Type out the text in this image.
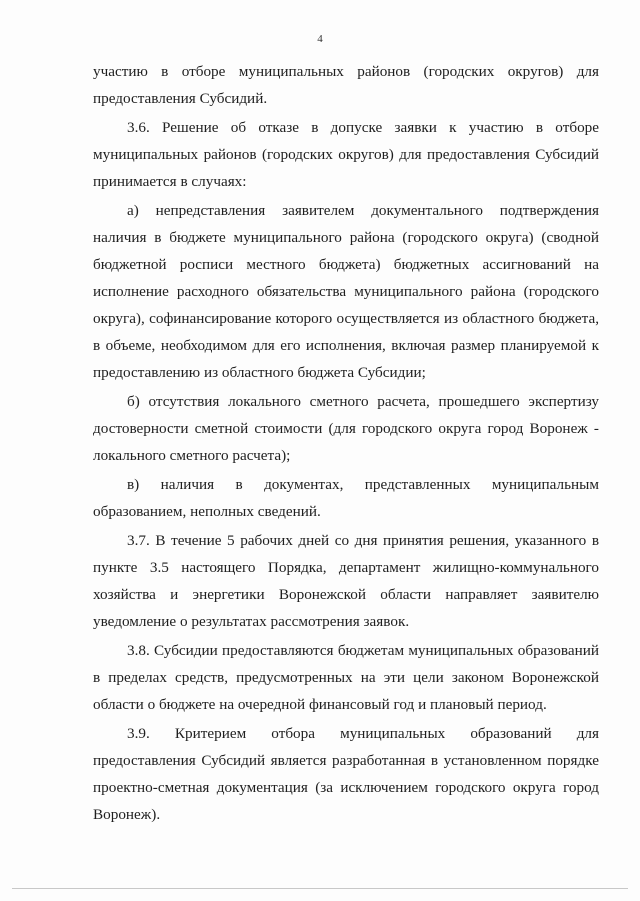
4

участию в отборе муниципальных районов (городских округов) для предоставления Субсидий.

3.6. Решение об отказе в допуске заявки к участию в отборе муниципальных районов (городских округов) для предоставления Субсидий принимается в случаях:

а) непредставления заявителем документального подтверждения наличия в бюджете муниципального района (городского округа) (сводной бюджетной росписи местного бюджета) бюджетных ассигнований на исполнение расходного обязательства муниципального района (городского округа), софинансирование которого осуществляется из областного бюджета, в объеме, необходимом для его исполнения, включая размер планируемой к предоставлению из областного бюджета Субсидии;

б) отсутствия локального сметного расчета, прошедшего экспертизу достоверности сметной стоимости (для городского округа город Воронеж - локального сметного расчета);

в) наличия в документах, представленных муниципальным образованием, неполных сведений.

3.7. В течение 5 рабочих дней со дня принятия решения, указанного в пункте 3.5 настоящего Порядка, департамент жилищно-коммунального хозяйства и энергетики Воронежской области направляет заявителю уведомление о результатах рассмотрения заявок.

3.8. Субсидии предоставляются бюджетам муниципальных образований в пределах средств, предусмотренных на эти цели законом Воронежской области о бюджете на очередной финансовый год и плановый период.

3.9. Критерием отбора муниципальных образований для предоставления Субсидий является разработанная в установленном порядке проектно-сметная документация (за исключением городского округа город Воронеж).
